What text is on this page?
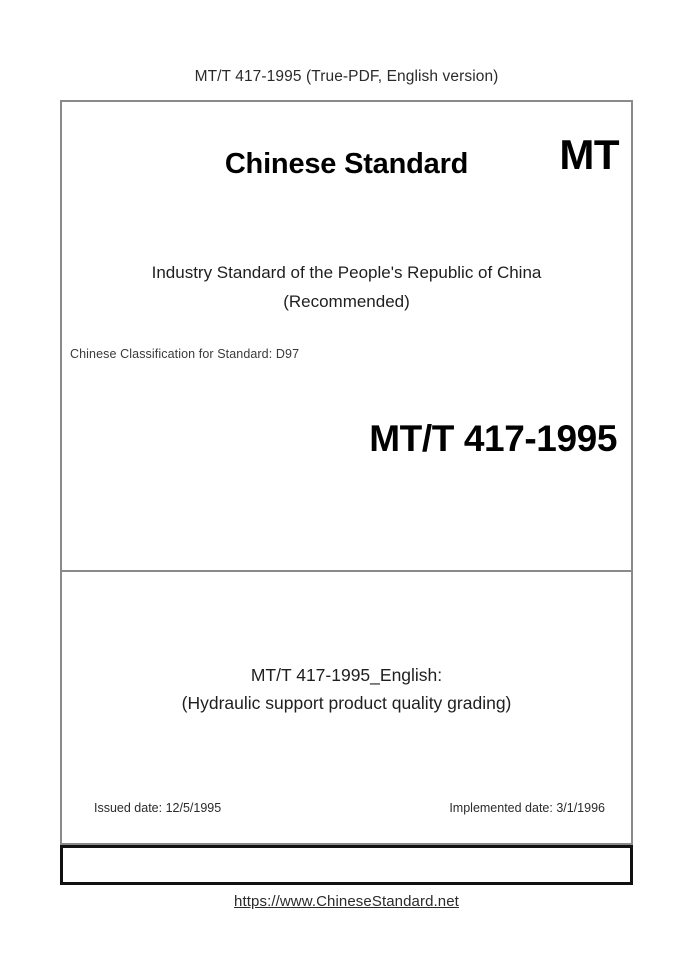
MT/T 417-1995 (True-PDF, English version)
Chinese Standard	MT
Industry Standard of the People's Republic of China
(Recommended)
Chinese Classification for Standard: D97
MT/T 417-1995
MT/T 417-1995_English:
(Hydraulic support product quality grading)
Issued date: 12/5/1995	Implemented date: 3/1/1996
https://www.ChineseStandard.net
